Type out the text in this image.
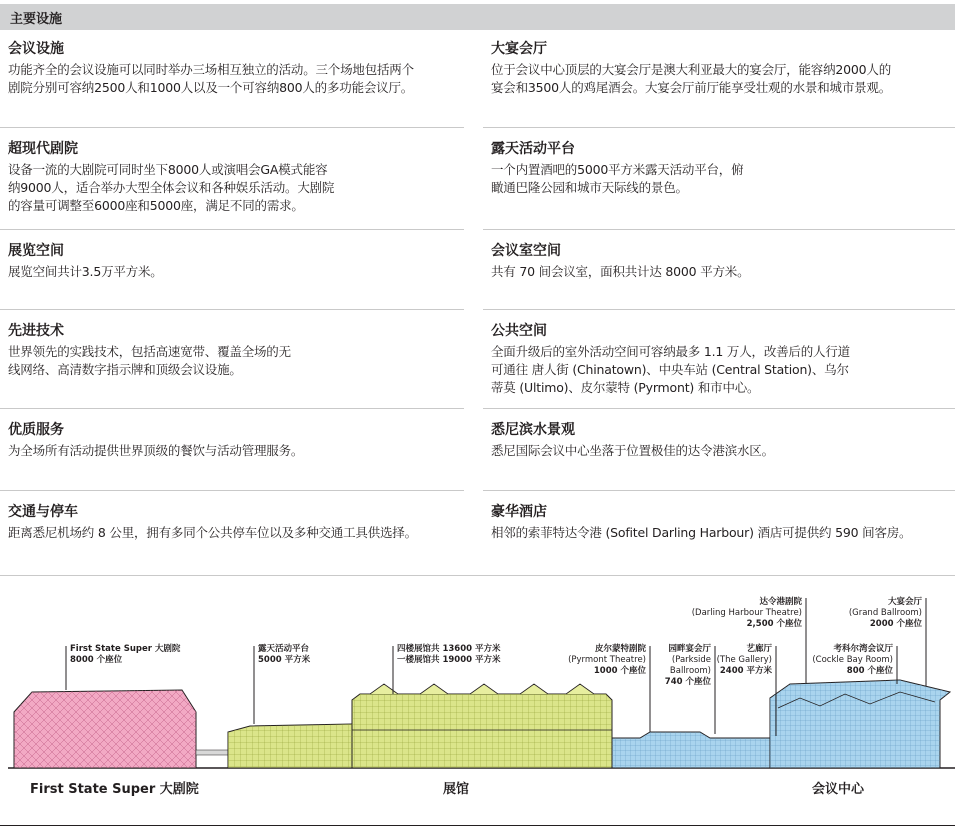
主要设施
会议设施
功能齐全的会议设施可以同时举办三场相互独立的活动。三个场地包括两个
剧院分别可容纳2500人和1000人以及一个可容纳800人的多功能会议厅。
大宴会厅
位于会议中心顶层的大宴会厅是澳大利亚最大的宴会厅，能容纳2000人的
宴会和3500人的鸡尾酒会。大宴会厅前厅能享受壮观的水景和城市景观。
超现代剧院
设备一流的大剧院可同时坐下8000人或演唱会GA模式能容
纳9000人，适合举办大型全体会议和各种娱乐活动。大剧院
的容量可调整至6000座和5000座，满足不同的需求。
露天活动平台
一个内置酒吧的5000平方米露天活动平台，俯
瞰通巴隆公园和城市天际线的景色。
展览空间
展览空间共计3.5万平方米。
会议室空间
共有 70 间会议室，面积共计达 8000 平方米。
先进技术
世界领先的实践技术，包括高速宽带、覆盖全场的无
线网络、高清数字指示牌和顶级会议设施。
公共空间
全面升级后的室外活动空间可容纳最多 1.1 万人，改善后的人行道
可通往 唐人街 (Chinatown)、中央车站 (Central Station)、乌尔
蒂莫 (Ultimo)、皮尔蒙特 (Pyrmont) 和市中心。
优质服务
为全场所有活动提供世界顶级的餐饮与活动管理服务。
悉尼滨水景观
悉尼国际会议中心坐落于位置极佳的达令港滨水区。
交通与停车
距离悉尼机场约 8 公里，拥有多同个公共停车位以及多种交通工具供选择。
豪华酒店
相邻的索菲特达令港 (Sofitel Darling Harbour) 酒店可提供约 590 间客房。
First State Super 大剧院
8000 个座位
露天活动平台
5000 平方米
四楼展馆共 13600 平方米
一楼展馆共 19000 平方米
皮尔蒙特剧院
(Pyrmont Theatre)
1000 个座位
园畔宴会厅
(Parkside
Ballroom)
740 个座位
艺廊厅
(The Gallery)
2400 平方米
达令港剧院
(Darling Harbour Theatre)
2,500 个座位
考科尔湾会议厅
(Cockle Bay Room)
800 个座位
大宴会厅
(Grand Ballroom)
2000 个座位
First State Super 大剧院	展馆	会议中心
